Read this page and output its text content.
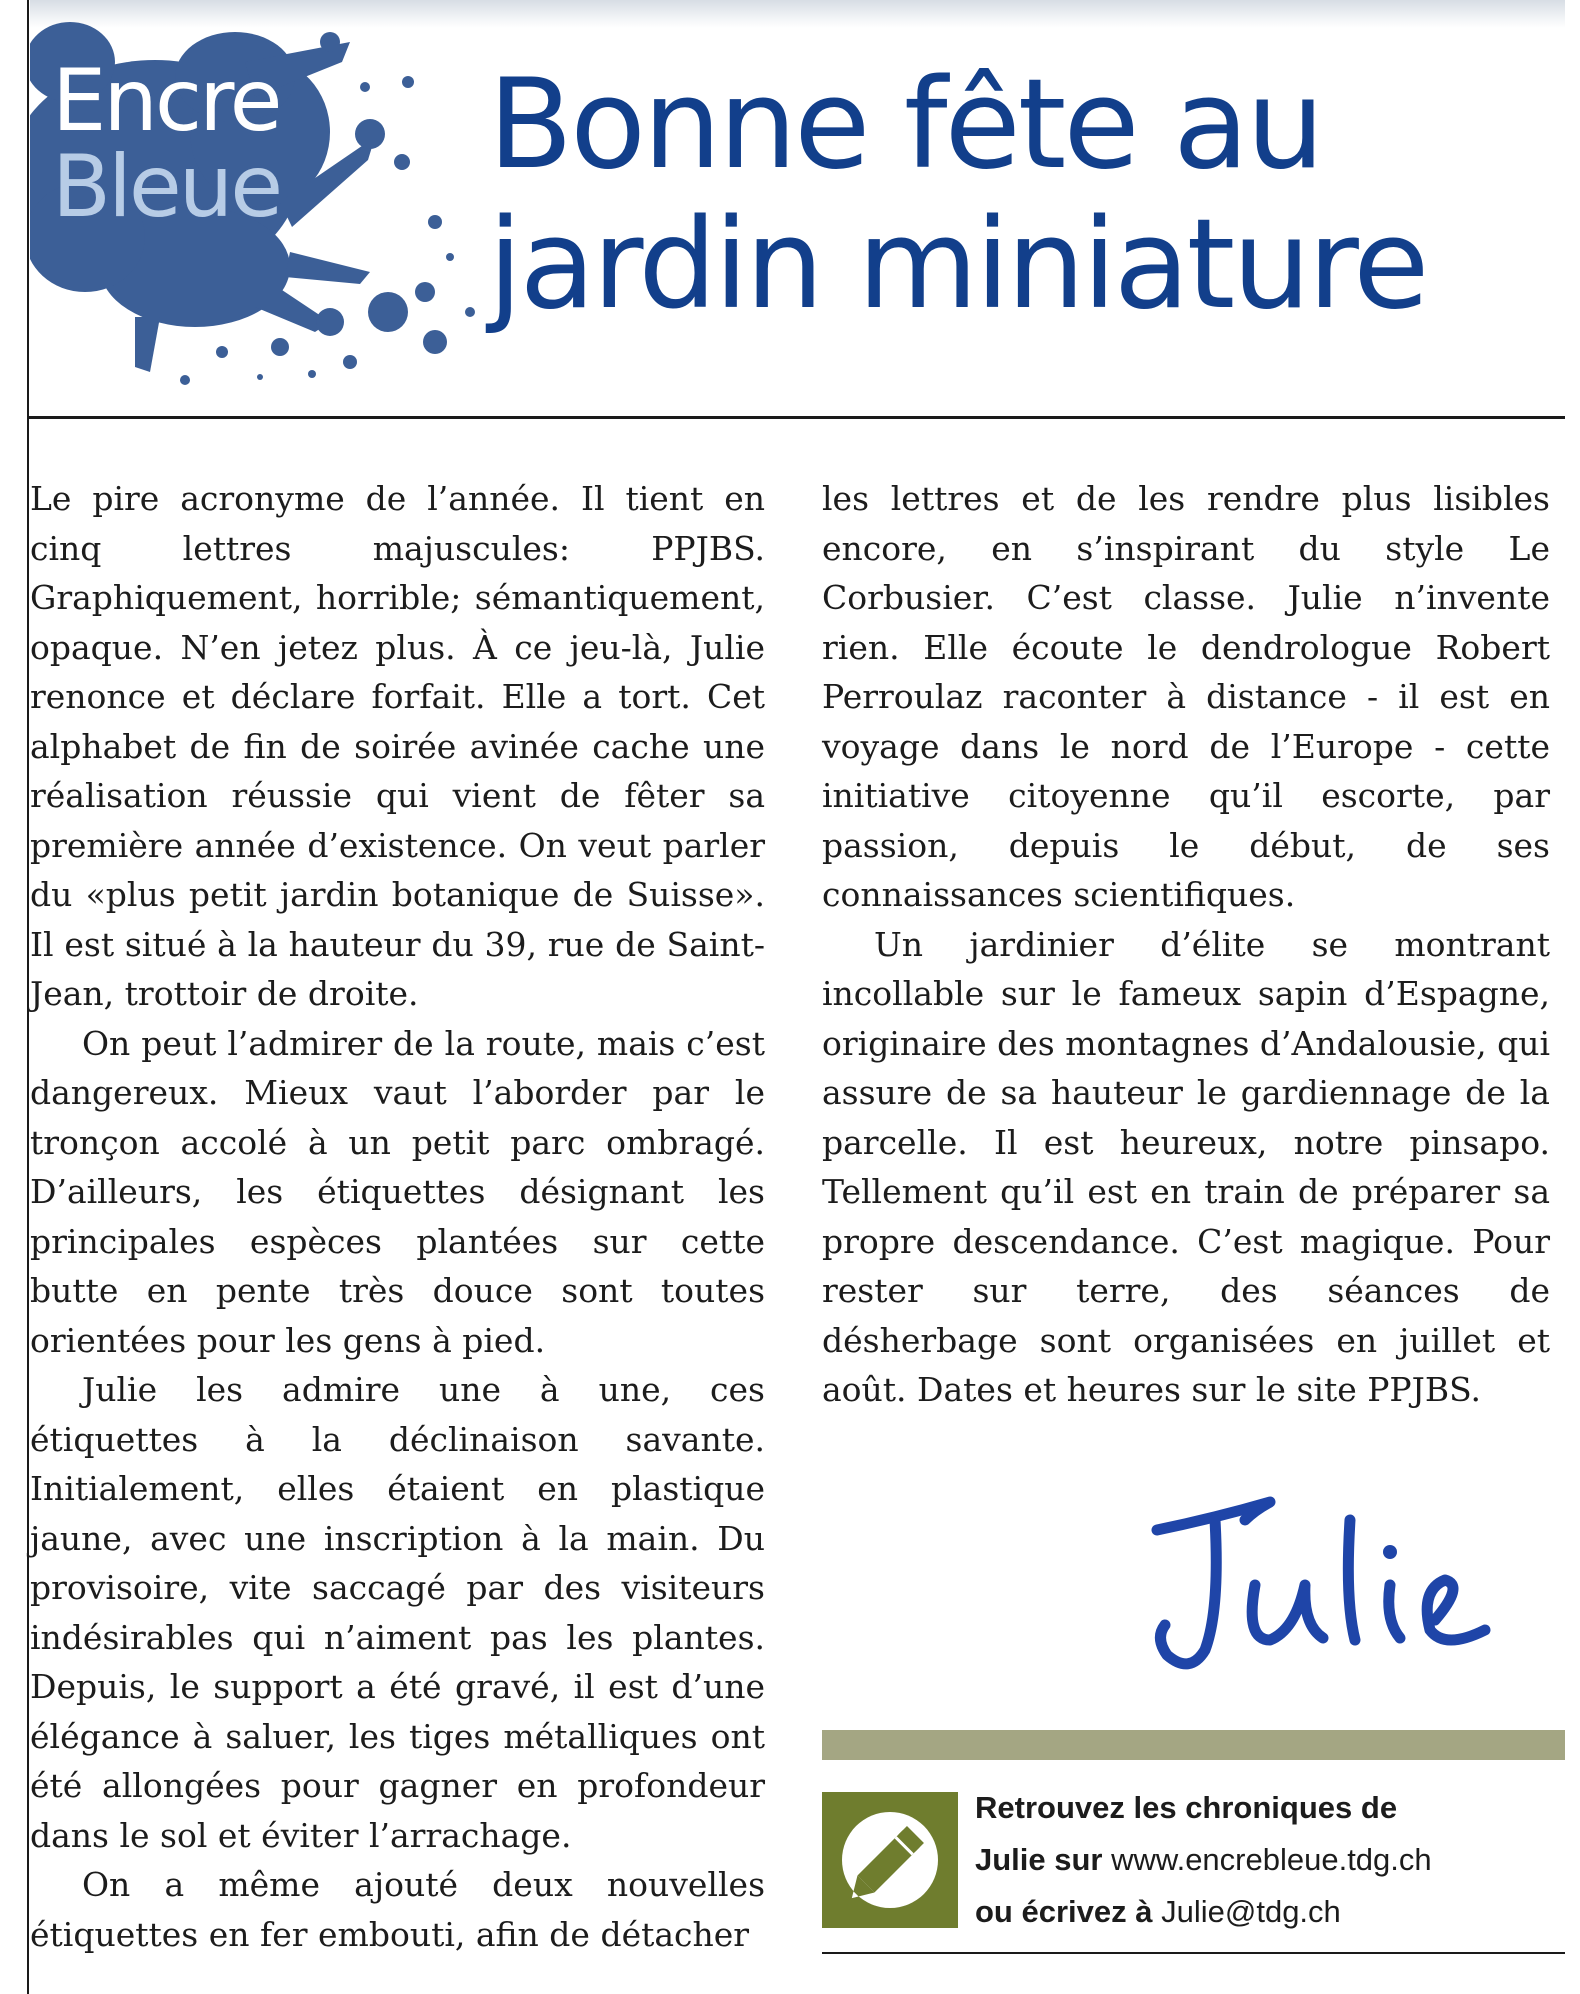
Encre
Bleue Bonne fête au jardin miniature

Le pire acronyme de l’année. Il tient en cinq lettres majuscules: PPJBS. Graphiquement, horrible; sémantiquement, opaque. N’en jetez plus. À ce jeu-là, Julie renonce et déclare forfait. Elle a tort. Cet alphabet de fin de soirée avinée cache une réalisation réussie qui vient de fêter sa première année d’existence. On veut parler du «plus petit jardin botanique de Suisse». Il est situé à la hauteur du 39, rue de Saint-Jean, trottoir de droite.

On peut l’admirer de la route, mais c’est dangereux. Mieux vaut l’aborder par le tronçon accolé à un petit parc ombragé. D’ailleurs, les étiquettes désignant les principales espèces plantées sur cette butte en pente très douce sont toutes orientées pour les gens à pied.

Julie les admire une à une, ces étiquettes à la déclinaison savante. Initialement, elles étaient en plastique jaune, avec une inscription à la main. Du provisoire, vite saccagé par des visiteurs indésirables qui n’aiment pas les plantes. Depuis, le support a été gravé, il est d’une élégance à saluer, les tiges métalliques ont été allongées pour gagner en profondeur dans le sol et éviter l’arrachage.

On a même ajouté deux nouvelles étiquettes en fer embouti, afin de détacher

les lettres et de les rendre plus lisibles encore, en s’inspirant du style Le Corbusier. C’est classe. Julie n’invente rien. Elle écoute le dendrologue Robert Perroulaz raconter à distance - il est en voyage dans le nord de l’Europe - cette initiative citoyenne qu’il escorte, par passion, depuis le début, de ses connaissances scientifiques.

Un jardinier d’élite se montrant incollable sur le fameux sapin d’Espagne, originaire des montagnes d’Andalousie, qui assure de sa hauteur le gardiennage de la parcelle. Il est heureux, notre pinsapo. Tellement qu’il est en train de préparer sa propre descendance. C’est magique. Pour rester sur terre, des séances de désherbage sont organisées en juillet et août. Dates et heures sur le site PPJBS.

Retrouvez les chroniques de
Julie sur www.encrebleue.tdg.ch
ou écrivez à Julie@tdg.ch
